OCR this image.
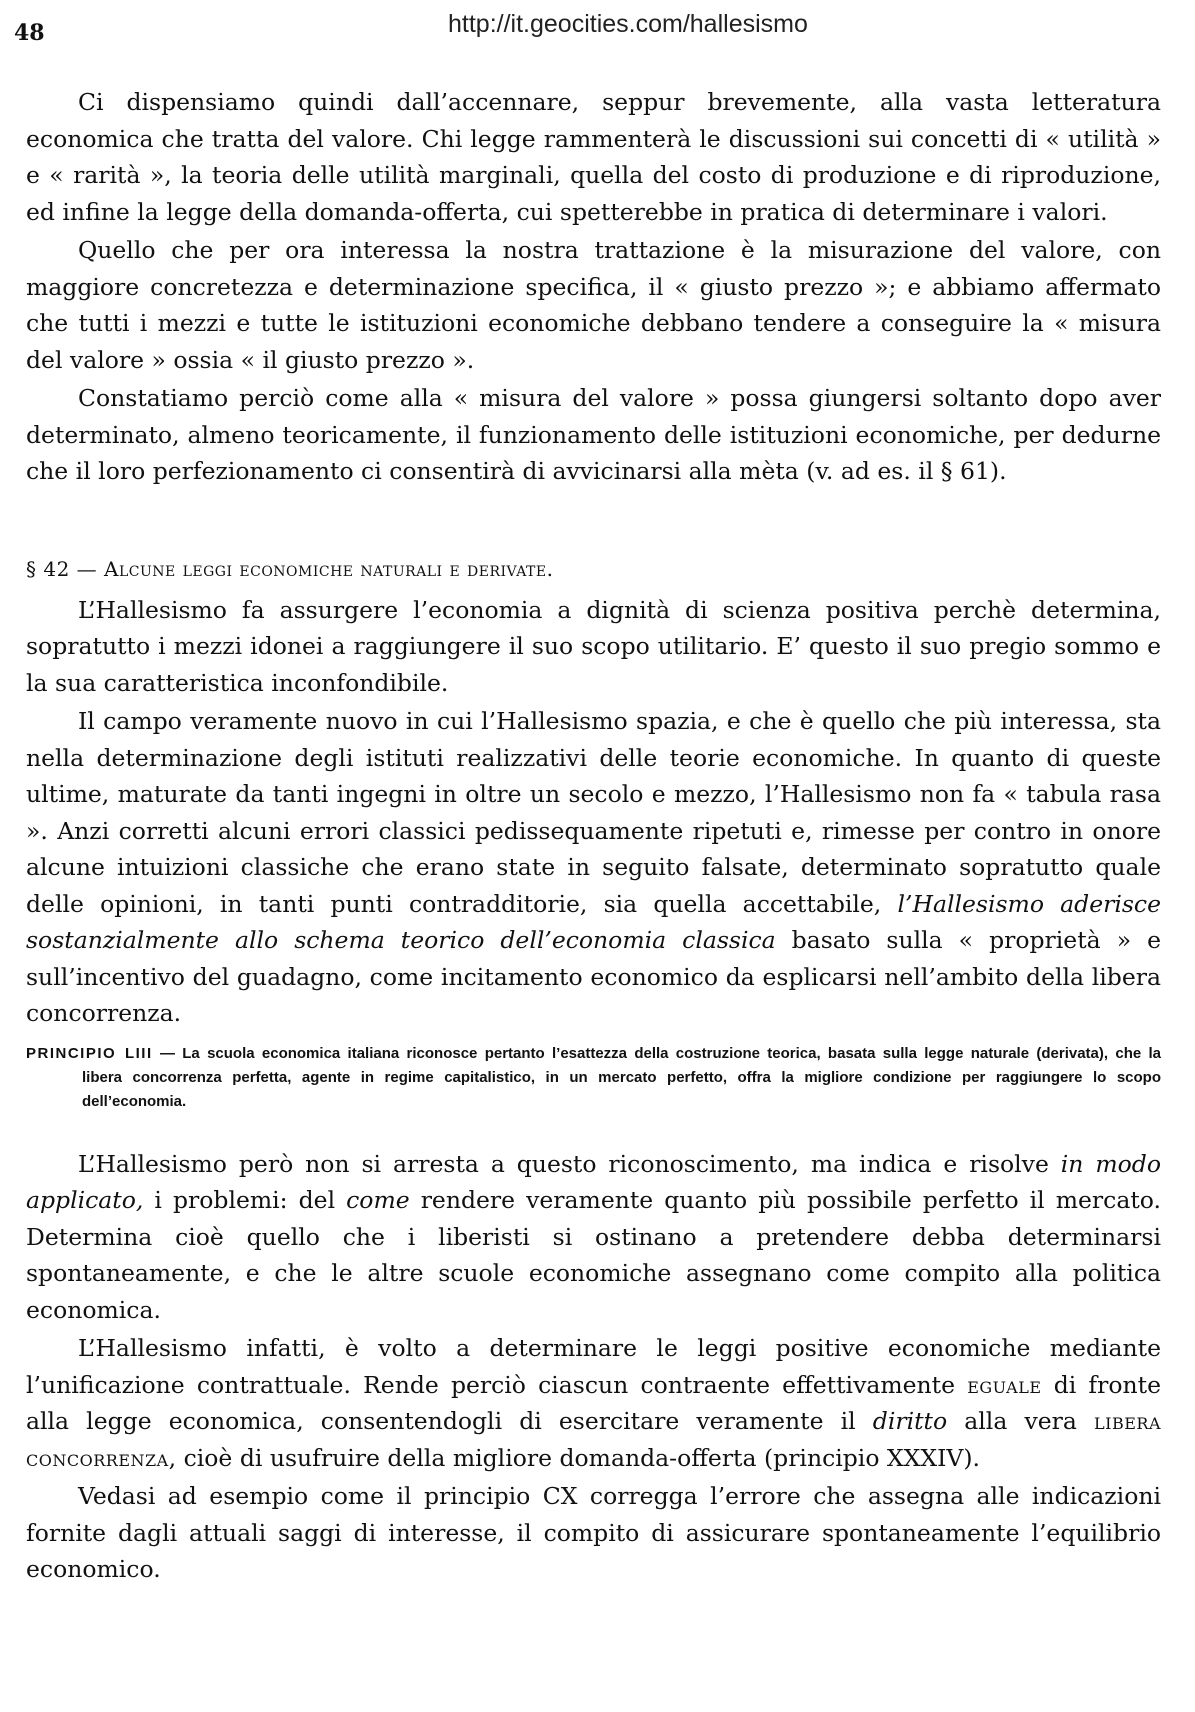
48	http://it.geocities.com/hallesismo

Ci dispensiamo quindi dall’accennare, seppur brevemente, alla vasta letteratura economica che tratta del valore. Chi legge rammenterà le discussioni sui concetti di « utilità » e « rarità », la teoria delle utilità marginali, quella del costo di produzione e di riproduzione, ed infine la legge della domanda-offerta, cui spetterebbe in pratica di determinare i valori.

Quello che per ora interessa la nostra trattazione è la misurazione del valore, con maggiore concretezza e determinazione specifica, il « giusto prezzo »; e abbiamo affermato che tutti i mezzi e tutte le istituzioni economiche debbano tendere a conseguire la « misura del valore » ossia « il giusto prezzo ».

Constatiamo perciò come alla « misura del valore » possa giungersi soltanto dopo aver determinato, almeno teoricamente, il funzionamento delle istituzioni economiche, per dedurne che il loro perfezionamento ci consentirà di avvicinarsi alla mèta (v. ad es. il § 61).

§ 42 — Alcune leggi economiche naturali e derivate.

L’Hallesismo fa assurgere l’economia a dignità di scienza positiva perchè determina, sopratutto i mezzi idonei a raggiungere il suo scopo utilitario. E’ questo il suo pregio sommo e la sua caratteristica inconfondibile.

Il campo veramente nuovo in cui l’Hallesismo spazia, e che è quello che più interessa, sta nella determinazione degli istituti realizzativi delle teorie economiche. In quanto di queste ultime, maturate da tanti ingegni in oltre un secolo e mezzo, l’Hallesismo non fa « tabula rasa ». Anzi corretti alcuni errori classici pedissequamente ripetuti e, rimesse per contro in onore alcune intuizioni classiche che erano state in seguito falsate, determinato sopratutto quale delle opinioni, in tanti punti contradditorie, sia quella accettabile, l’Hallesismo aderisce sostanzialmente allo schema teorico dell’economia classica basato sulla « proprietà » e sull’incentivo del guadagno, come incitamento economico da esplicarsi nell’ambito della libera concorrenza.

PRINCIPIO LIII — La scuola economica italiana riconosce pertanto l’esattezza della costruzione teorica, basata sulla legge naturale (derivata), che la libera concorrenza perfetta, agente in regime capitalistico, in un mercato perfetto, offra la migliore condizione per raggiungere lo scopo dell’economia.

L’Hallesismo però non si arresta a questo riconoscimento, ma indica e risolve in modo applicato, i problemi: del come rendere veramente quanto più possibile perfetto il mercato. Determina cioè quello che i liberisti si ostinano a pretendere debba determinarsi spontaneamente, e che le altre scuole economiche assegnano come compito alla politica economica.

L’Hallesismo infatti, è volto a determinare le leggi positive economiche mediante l’unificazione contrattuale. Rende perciò ciascun contraente effettivamente eguale di fronte alla legge economica, consentendogli di esercitare veramente il diritto alla vera libera concorrenza, cioè di usufruire della migliore domanda-offerta (principio XXXIV).

Vedasi ad esempio come il principio CX corregga l’errore che assegna alle indicazioni fornite dagli attuali saggi di interesse, il compito di assicurare spontaneamente l’equilibrio economico.
